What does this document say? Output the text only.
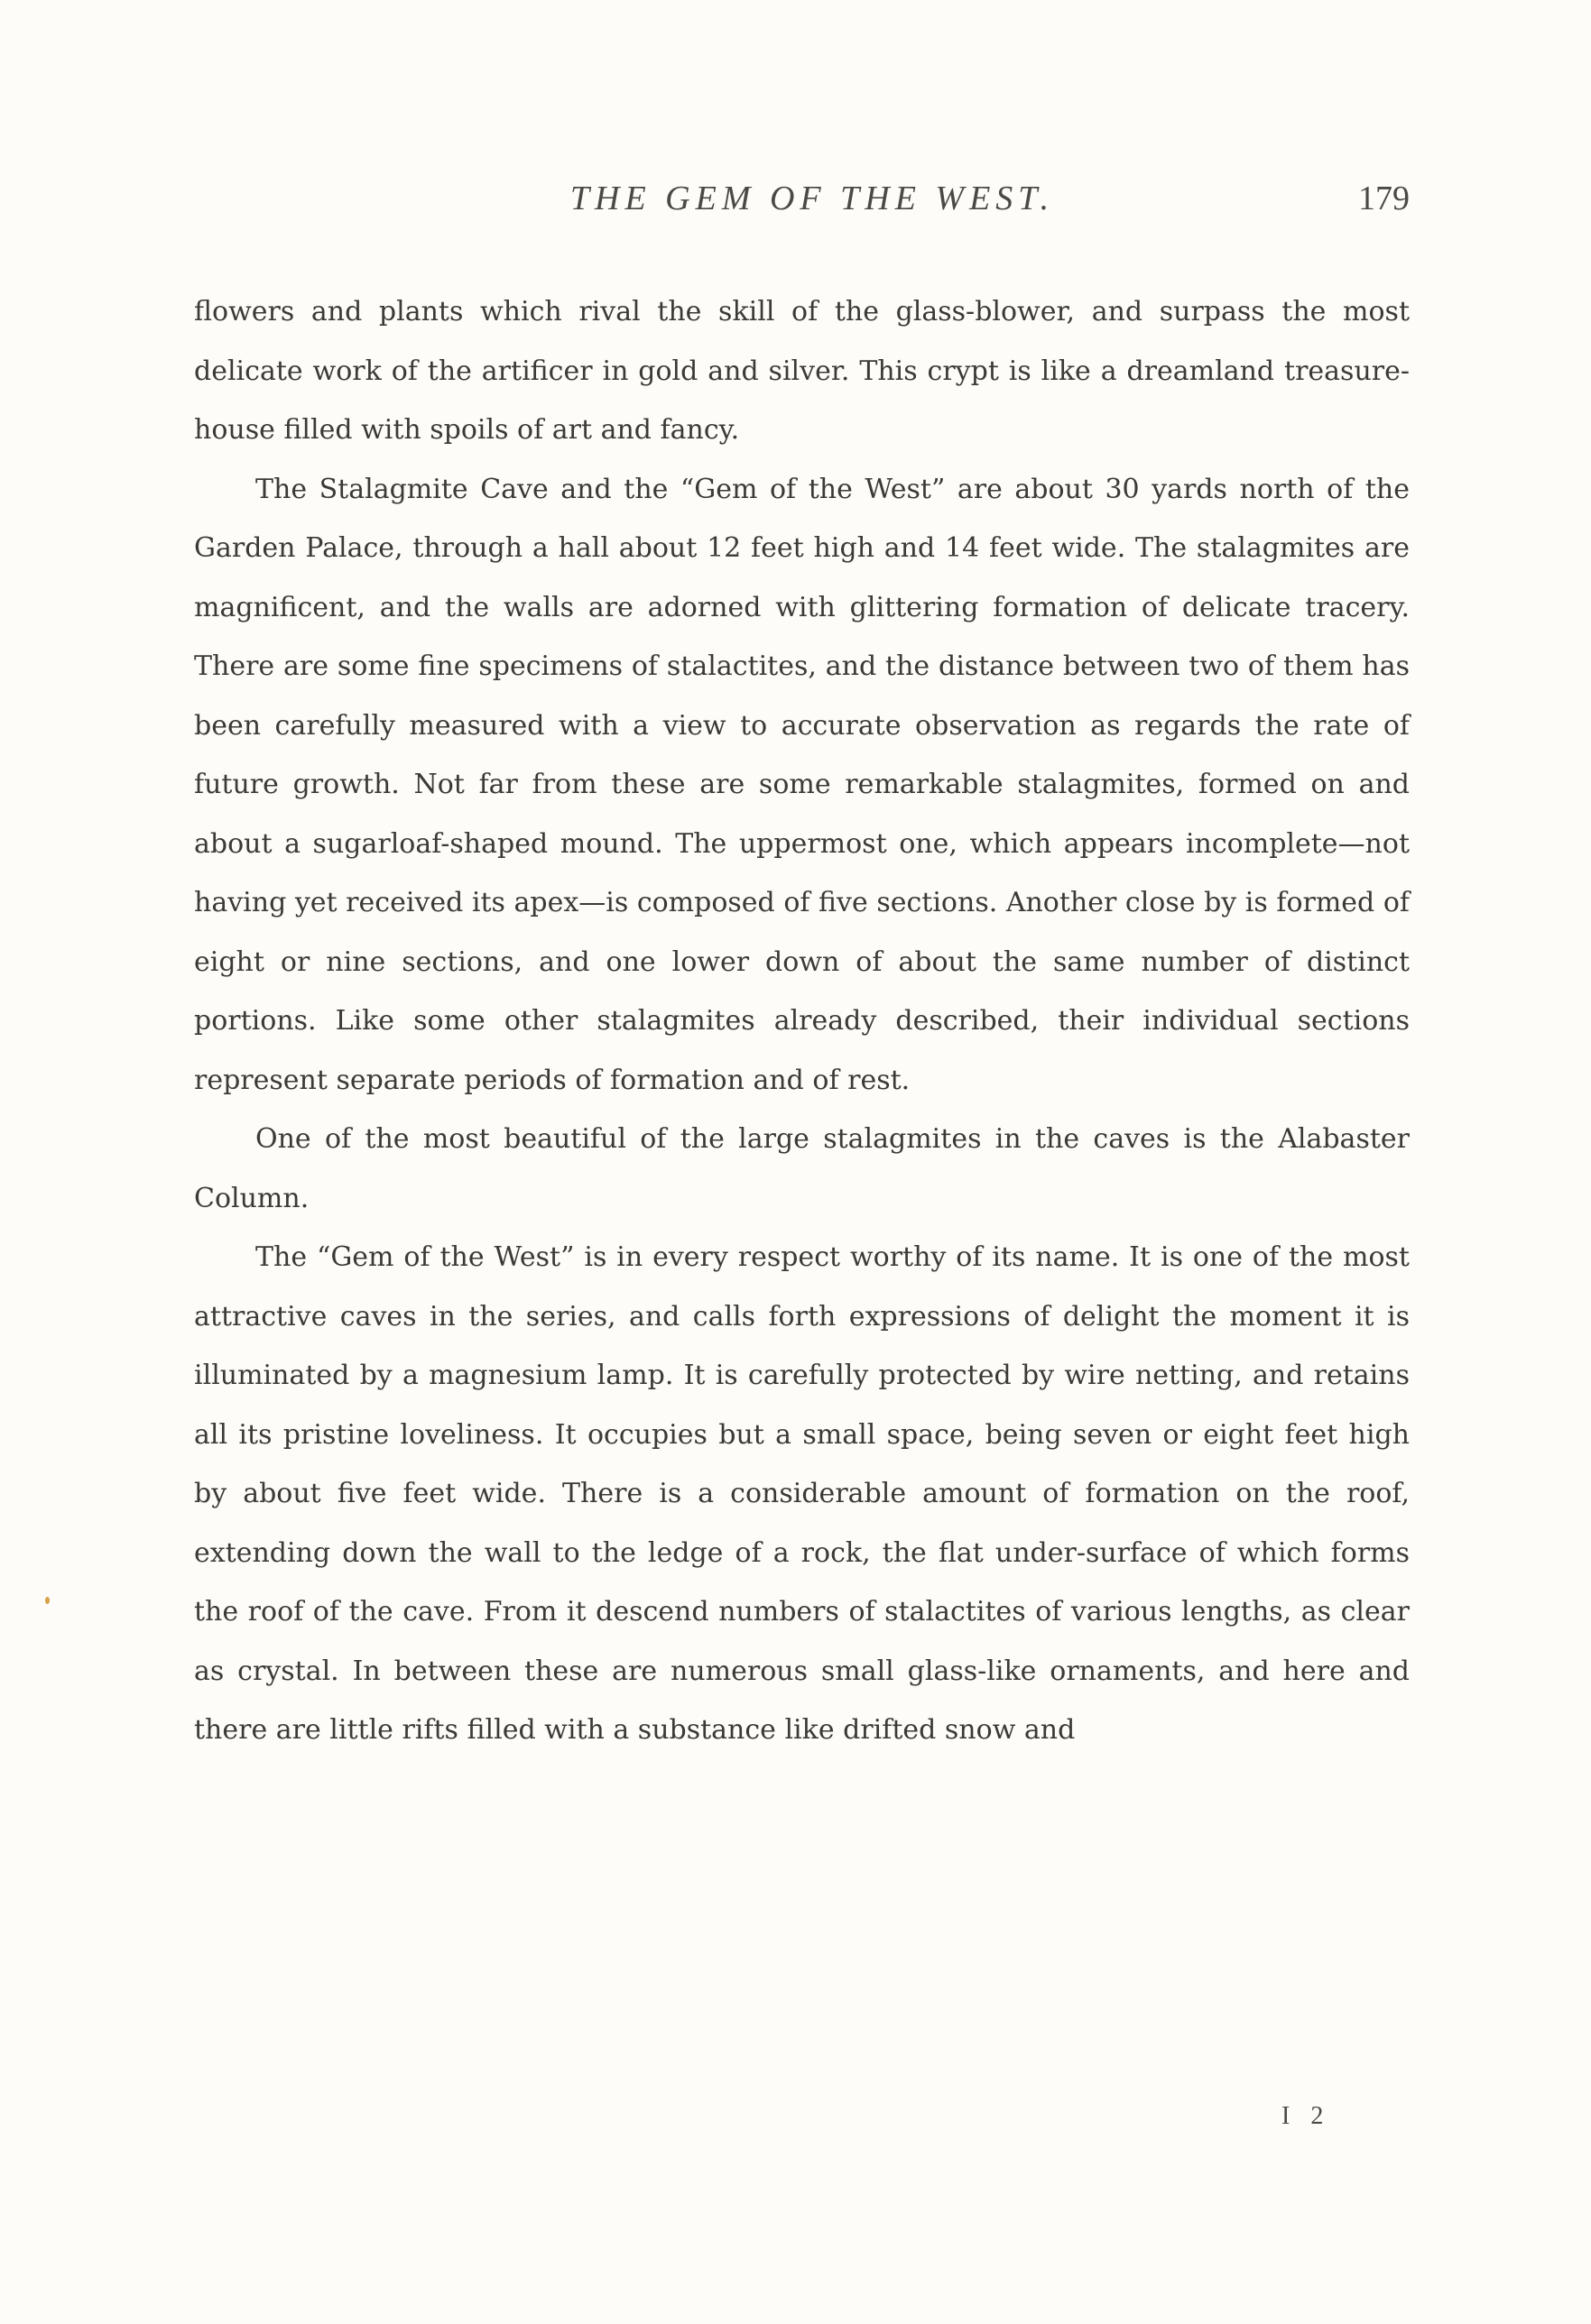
THE GEM OF THE WEST.	179

flowers and plants which rival the skill of the glass-blower, and surpass the most delicate work of the artificer in gold and silver. This crypt is like a dreamland treasure-house filled with spoils of art and fancy.

The Stalagmite Cave and the “Gem of the West” are about 30 yards north of the Garden Palace, through a hall about 12 feet high and 14 feet wide. The stalagmites are magnificent, and the walls are adorned with glittering formation of delicate tracery. There are some fine specimens of stalactites, and the distance between two of them has been carefully measured with a view to accurate observation as regards the rate of future growth. Not far from these are some remarkable stalagmites, formed on and about a sugarloaf-shaped mound. The uppermost one, which appears incomplete—not having yet received its apex—is composed of five sections. Another close by is formed of eight or nine sections, and one lower down of about the same number of distinct portions. Like some other stalagmites already described, their individual sections represent separate periods of formation and of rest.

One of the most beautiful of the large stalagmites in the caves is the Alabaster Column.

The “Gem of the West” is in every respect worthy of its name. It is one of the most attractive caves in the series, and calls forth expressions of delight the moment it is illuminated by a magnesium lamp. It is carefully protected by wire netting, and retains all its pristine loveliness. It occupies but a small space, being seven or eight feet high by about five feet wide. There is a considerable amount of formation on the roof, extending down the wall to the ledge of a rock, the flat under-surface of which forms the roof of the cave. From it descend numbers of stalactites of various lengths, as clear as crystal. In between these are numerous small glass-like ornaments, and here and there are little rifts filled with a substance like drifted snow and

I 2
